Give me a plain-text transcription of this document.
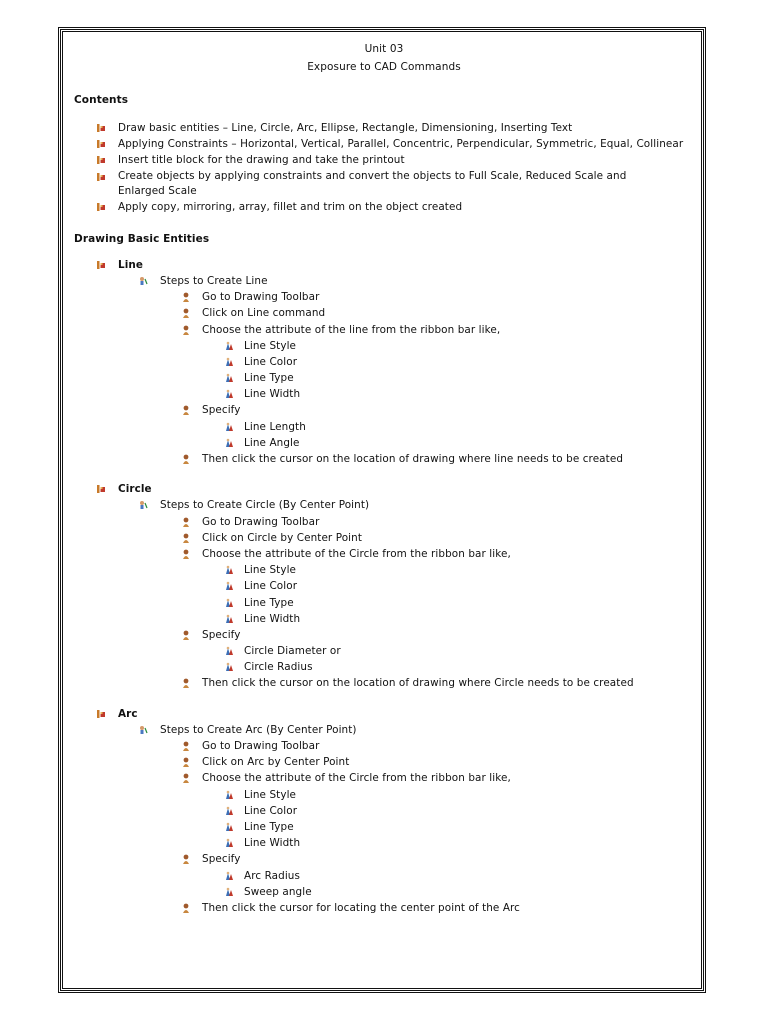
Unit 03
Exposure to CAD Commands
Contents
Draw basic entities – Line, Circle, Arc, Ellipse, Rectangle, Dimensioning, Inserting Text
Applying Constraints – Horizontal, Vertical, Parallel, Concentric, Perpendicular, Symmetric, Equal, Collinear
Insert title block for the drawing and take the printout
Create objects by applying constraints and convert the objects to Full Scale, Reduced Scale and Enlarged Scale
Apply copy, mirroring, array, fillet and trim on the object created
Drawing Basic Entities
Line
Steps to Create Line
Go to Drawing Toolbar
Click on Line command
Choose the attribute of the line from the ribbon bar like,
Line Style
Line Color
Line Type
Line Width
Specify
Line Length
Line Angle
Then click the cursor on the location of drawing where line needs to be created
Circle
Steps to Create Circle (By Center Point)
Go to Drawing Toolbar
Click on Circle by Center Point
Choose the attribute of the Circle from the ribbon bar like,
Line Style
Line Color
Line Type
Line Width
Specify
Circle Diameter or
Circle Radius
Then click the cursor on the location of drawing where Circle needs to be created
Arc
Steps to Create Arc (By Center Point)
Go to Drawing Toolbar
Click on Arc by Center Point
Choose the attribute of the Circle from the ribbon bar like,
Line Style
Line Color
Line Type
Line Width
Specify
Arc Radius
Sweep angle
Then click the cursor for locating the center point of the Arc
